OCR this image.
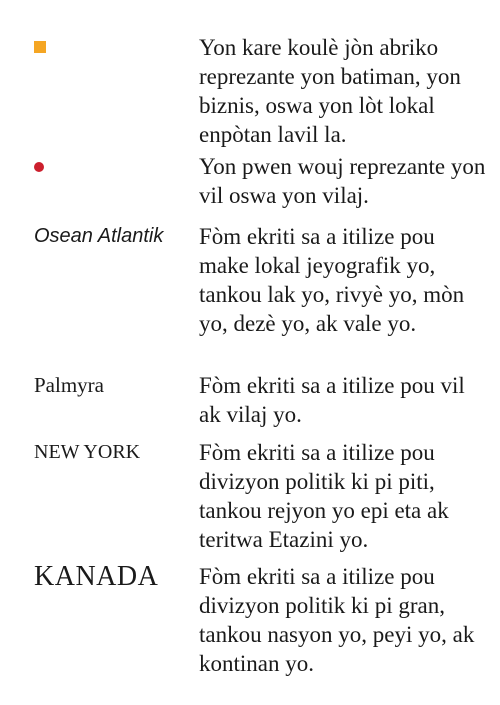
Yon kare koulè jòn abriko reprezante yon batiman, yon biznis, oswa yon lòt lokal enpòtan lavil la.
Yon pwen wouj reprezante yon vil oswa yon vilaj.
Osean Atlantik Fòm ekriti sa a itilize pou make lokal jeyografik yo, tankou lak yo, rivyè yo, mòn yo, dezè yo, ak vale yo.
Palmyra	Fòm ekriti sa a itilize pou vil ak vilaj yo.
NEW YORK	Fòm ekriti sa a itilize pou divizyon politik ki pi piti, tankou rejyon yo epi eta ak teritwa Etazini yo.
KANADA Fòm ekriti sa a itilize pou divizyon politik ki pi gran, tankou nasyon yo, peyi yo, ak kontinan yo.
